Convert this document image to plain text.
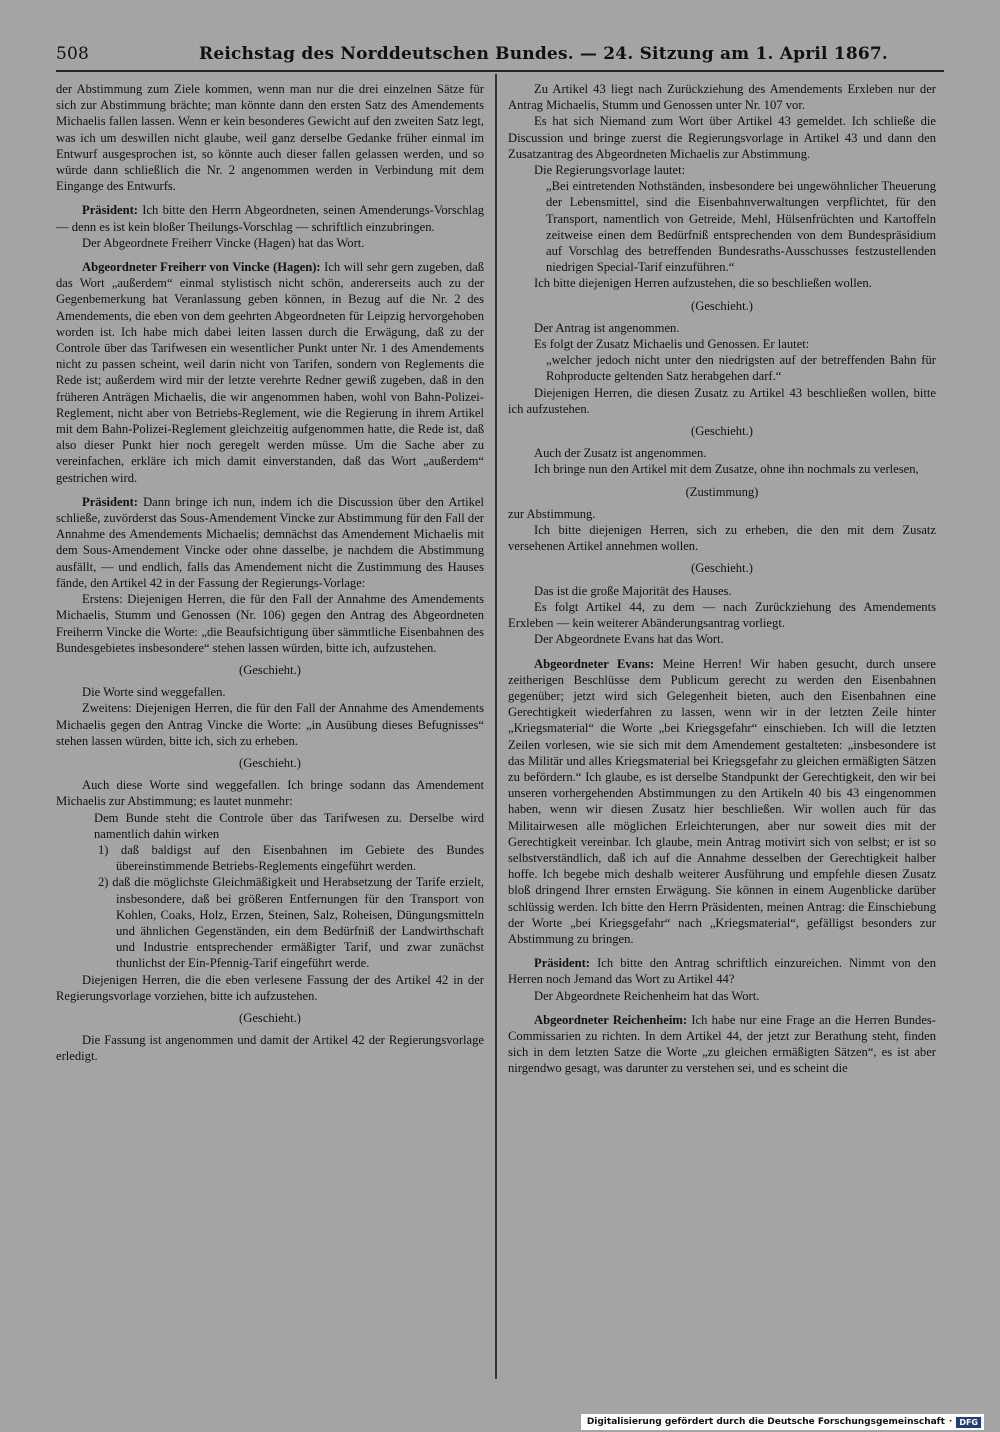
508	Reichstag des Norddeutschen Bundes. — 24. Sitzung am 1. April 1867.

der Abstimmung zum Ziele kommen, wenn man nur die drei einzelnen Sätze für sich zur Abstimmung brächte; man könnte dann den ersten Satz des Amendements Michaelis fallen lassen. Wenn er kein besonderes Gewicht auf den zweiten Satz legt, was ich um deswillen nicht glaube, weil ganz derselbe Gedanke früher einmal im Entwurf ausgesprochen ist, so könnte auch dieser fallen gelassen werden, und so würde dann schließlich die Nr. 2 angenommen werden in Verbindung mit dem Eingange des Entwurfs.

Präsident: Ich bitte den Herrn Abgeordneten, seinen Amenderungs-Vorschlag — denn es ist kein bloßer Theilungs-Vorschlag — schriftlich einzubringen.

Der Abgeordnete Freiherr Vincke (Hagen) hat das Wort.

Abgeordneter Freiherr von Vincke (Hagen): Ich will sehr gern zugeben, daß das Wort „außerdem“ einmal stylistisch nicht schön, andererseits auch zu der Gegenbemerkung hat Veranlassung geben können, in Bezug auf die Nr. 2 des Amendements, die eben von dem geehrten Abgeordneten für Leipzig hervorgehoben worden ist. Ich habe mich dabei leiten lassen durch die Erwägung, daß zu der Controle über das Tarifwesen ein wesentlicher Punkt unter Nr. 1 des Amendements nicht zu passen scheint, weil darin nicht von Tarifen, sondern von Reglements die Rede ist; außerdem wird mir der letzte verehrte Redner gewiß zugeben, daß in den früheren Anträgen Michaelis, die wir angenommen haben, wohl von Bahn-Polizei-Reglement, nicht aber von Betriebs-Reglement, wie die Regierung in ihrem Artikel mit dem Bahn-Polizei-Reglement gleichzeitig aufgenommen hatte, die Rede ist, daß also dieser Punkt hier noch geregelt werden müsse. Um die Sache aber zu vereinfachen, erkläre ich mich damit einverstanden, daß das Wort „außerdem“ gestrichen wird.

Präsident: Dann bringe ich nun, indem ich die Discussion über den Artikel schließe, zuvörderst das Sous-Amendement Vincke zur Abstimmung für den Fall der Annahme des Amendements Michaelis; demnächst das Amendement Michaelis mit dem Sous-Amendement Vincke oder ohne dasselbe, je nachdem die Abstimmung ausfällt, — und endlich, falls das Amendement nicht die Zustimmung des Hauses fände, den Artikel 42 in der Fassung der Regierungs-Vorlage:

Erstens: Diejenigen Herren, die für den Fall der Annahme des Amendements Michaelis, Stumm und Genossen (Nr. 106) gegen den Antrag des Abgeordneten Freiherrn Vincke die Worte: „die Beaufsichtigung über sämmtliche Eisenbahnen des Bundesgebietes insbesondere“ stehen lassen würden, bitte ich, aufzustehen.

(Geschieht.)

Die Worte sind weggefallen.

Zweitens: Diejenigen Herren, die für den Fall der Annahme des Amendements Michaelis gegen den Antrag Vincke die Worte: „in Ausübung dieses Befugnisses“ stehen lassen würden, bitte ich, sich zu erheben.

(Geschieht.)

Auch diese Worte sind weggefallen. Ich bringe sodann das Amendement Michaelis zur Abstimmung; es lautet nunmehr:

Dem Bunde steht die Controle über das Tarifwesen zu. Derselbe wird namentlich dahin wirken

1) daß baldigst auf den Eisenbahnen im Gebiete des Bundes übereinstimmende Betriebs-Reglements eingeführt werden.

2) daß die möglichste Gleichmäßigkeit und Herabsetzung der Tarife erzielt, insbesondere, daß bei größeren Entfernungen für den Transport von Kohlen, Coaks, Holz, Erzen, Steinen, Salz, Roheisen, Düngungsmitteln und ähnlichen Gegenständen, ein dem Bedürfniß der Landwirthschaft und Industrie entsprechender ermäßigter Tarif, und zwar zunächst thunlichst der Ein-Pfennig-Tarif eingeführt werde.

Diejenigen Herren, die die eben verlesene Fassung der des Artikel 42 in der Regierungsvorlage vorziehen, bitte ich aufzustehen.

(Geschieht.)

Die Fassung ist angenommen und damit der Artikel 42 der Regierungsvorlage erledigt.

Zu Artikel 43 liegt nach Zurückziehung des Amendements Erxleben nur der Antrag Michaelis, Stumm und Genossen unter Nr. 107 vor.

Es hat sich Niemand zum Wort über Artikel 43 gemeldet. Ich schließe die Discussion und bringe zuerst die Regierungsvorlage in Artikel 43 und dann den Zusatzantrag des Abgeordneten Michaelis zur Abstimmung.

Die Regierungsvorlage lautet:

„Bei eintretenden Nothständen, insbesondere bei ungewöhnlicher Theuerung der Lebensmittel, sind die Eisenbahnverwaltungen verpflichtet, für den Transport, namentlich von Getreide, Mehl, Hülsenfrüchten und Kartoffeln zeitweise einen dem Bedürfniß entsprechenden von dem Bundespräsidium auf Vorschlag des betreffenden Bundesraths-Ausschusses festzustellenden niedrigen Special-Tarif einzuführen.“

Ich bitte diejenigen Herren aufzustehen, die so beschließen wollen.

(Geschieht.)

Der Antrag ist angenommen.

Es folgt der Zusatz Michaelis und Genossen. Er lautet:

„welcher jedoch nicht unter den niedrigsten auf der betreffenden Bahn für Rohproducte geltenden Satz herabgehen darf.“

Diejenigen Herren, die diesen Zusatz zu Artikel 43 beschließen wollen, bitte ich aufzustehen.

(Geschieht.)

Auch der Zusatz ist angenommen.

Ich bringe nun den Artikel mit dem Zusatze, ohne ihn nochmals zu verlesen,

(Zustimmung)

zur Abstimmung.

Ich bitte diejenigen Herren, sich zu erheben, die den mit dem Zusatz versehenen Artikel annehmen wollen.

(Geschieht.)

Das ist die große Majorität des Hauses.

Es folgt Artikel 44, zu dem — nach Zurückziehung des Amendements Erxleben — kein weiterer Abänderungsantrag vorliegt.

Der Abgeordnete Evans hat das Wort.

Abgeordneter Evans: Meine Herren! Wir haben gesucht, durch unsere zeitherigen Beschlüsse dem Publicum gerecht zu werden den Eisenbahnen gegenüber; jetzt wird sich Gelegenheit bieten, auch den Eisenbahnen eine Gerechtigkeit wiederfahren zu lassen, wenn wir in der letzten Zeile hinter „Kriegsmaterial“ die Worte „bei Kriegsgefahr“ einschieben. Ich will die letzten Zeilen vorlesen, wie sie sich mit dem Amendement gestalteten: „insbesondere ist das Militär und alles Kriegsmaterial bei Kriegsgefahr zu gleichen ermäßigten Sätzen zu befördern.“ Ich glaube, es ist derselbe Standpunkt der Gerechtigkeit, den wir bei unseren vorhergehenden Abstimmungen zu den Artikeln 40 bis 43 eingenommen haben, wenn wir diesen Zusatz hier beschließen. Wir wollen auch für das Militairwesen alle möglichen Erleichterungen, aber nur soweit dies mit der Gerechtigkeit vereinbar. Ich glaube, mein Antrag motivirt sich von selbst; er ist so selbstverständlich, daß ich auf die Annahme desselben der Gerechtigkeit halber hoffe. Ich begebe mich deshalb weiterer Ausführung und empfehle diesen Zusatz bloß dringend Ihrer ernsten Erwägung. Sie können in einem Augenblicke darüber schlüssig werden. Ich bitte den Herrn Präsidenten, meinen Antrag: die Einschiebung der Worte „bei Kriegsgefahr“ nach „Kriegsmaterial“, gefälligst besonders zur Abstimmung zu bringen.

Präsident: Ich bitte den Antrag schriftlich einzureichen. Nimmt von den Herren noch Jemand das Wort zu Artikel 44?

Der Abgeordnete Reichenheim hat das Wort.

Abgeordneter Reichenheim: Ich habe nur eine Frage an die Herren Bundes-Commissarien zu richten. In dem Artikel 44, der jetzt zur Berathung steht, finden sich in dem letzten Satze die Worte „zu gleichen ermäßigten Sätzen“, es ist aber nirgendwo gesagt, was darunter zu verstehen sei, und es scheint die

Digitalisierung gefördert durch die Deutsche Forschungsgemeinschaft · DFG
